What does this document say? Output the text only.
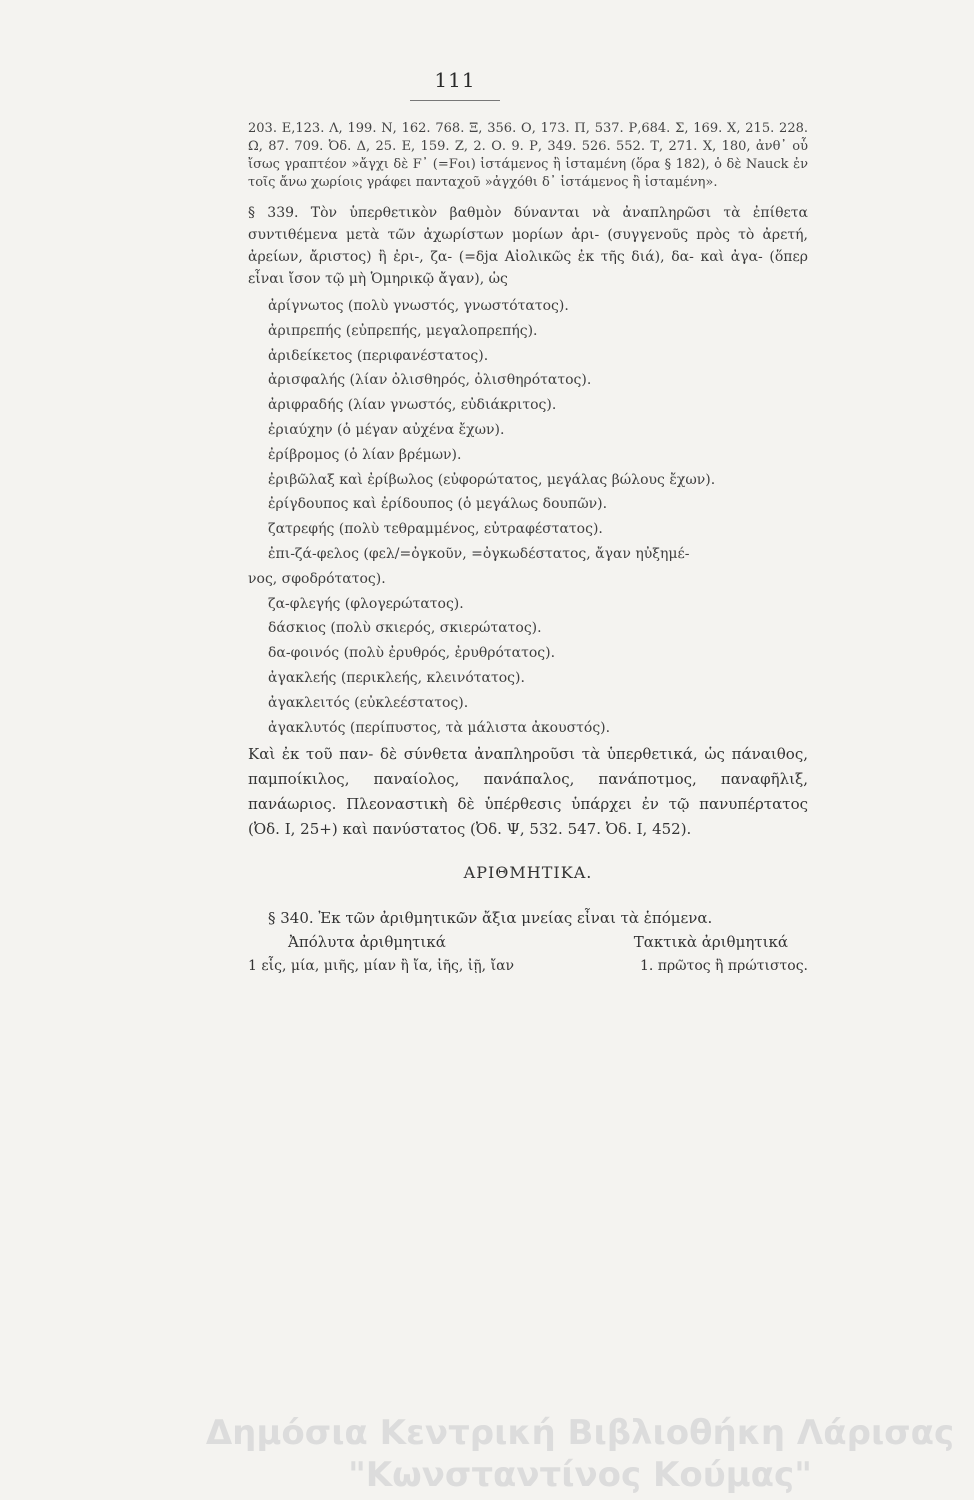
111

203. Ε,123. Λ, 199. Ν, 162. 768. Ξ, 356. Ο, 173. Π, 537. Ρ,684. Σ, 169. Χ, 215. 228. Ω, 87. 709. Ὀδ. Δ, 25. Ε, 159. Ζ, 2. Ο. 9. Ρ, 349. 526. 552. Τ, 271. Χ, 180, ἀνθ᾽ οὗ ἴσως γραπτέον »ἄγχι δὲ F᾽ (=Fοι) ἱστάμενος ἢ ἱσταμένη (ὅρα § 182), ὁ δὲ Nauck ἐν τοῖς ἄνω χωρίοις γράφει πανταχοῦ »ἀγχόθι δ᾽ ἱστάμενος ἢ ἱσταμένη».

§ 339. Τὸν ὑπερθετικὸν βαθμὸν δύνανται νὰ ἀναπληρῶσι τὰ ἐπίθετα συντιθέμενα μετὰ τῶν ἀχωρίστων μορίων ἀρι- (συγγενοῦς πρὸς τὸ ἀρετή, ἀρείων, ἄριστος) ἢ ἐρι-, ζα- (=δjα Αἰολικῶς ἐκ τῆς διά), δα- καὶ ἀγα- (ὅπερ εἶναι ἴσον τῷ μὴ Ὁμηρικῷ ἄγαν), ὡς

ἀρίγνωτος (πολὺ γνωστός, γνωστότατος).

ἀριπρεπής (εὐπρεπής, μεγαλοπρεπής).

ἀριδείκετος (περιφανέστατος).

ἀρισφαλής (λίαν ὀλισθηρός, ὀλισθηρότατος).

ἀριφραδής (λίαν γνωστός, εὐδιάκριτος).

ἐριαύχην (ὁ μέγαν αὐχένα ἔχων).

ἐρίβρομος (ὁ λίαν βρέμων).

ἐριβῶλαξ καὶ ἐρίβωλος (εὐφορώτατος, μεγάλας βώλους ἔχων).

ἐρίγδουπος καὶ ἐρίδουπος (ὁ μεγάλως δουπῶν).

ζατρεφής (πολὺ τεθραμμένος, εὐτραφέστατος).

ἐπι-ζά-φελος (φελ/=ὀγκοῦν, =ὀγκωδέστατος, ἄγαν ηὐξημέ-

νος, σφοδρότατος).

ζα-φλεγής (φλογερώτατος).

δάσκιος (πολὺ σκιερός, σκιερώτατος).

δα-φοινός (πολὺ ἐρυθρός, ἐρυθρότατος).

ἀγακλεής (περικλεής, κλεινότατος).

ἀγακλειτός (εὐκλεέστατος).

ἀγακλυτός (περίπυστος, τὰ μάλιστα ἀκουστός).

Καὶ ἐκ τοῦ παν- δὲ σύνθετα ἀναπληροῦσι τὰ ὑπερθετικά, ὡς πάναιθος, παμποίκιλος, παναίολος, πανάπαλος, πανάποτμος, παναφῆλιξ, πανάωριος. Πλεοναστικὴ δὲ ὑπέρθεσις ὑπάρχει ἐν τῷ πανυπέρτατος (Ὀδ. Ι, 25+) καὶ πανύστατος (Ὀδ. Ψ, 532. 547. Ὀδ. Ι, 452).

ΑΡΙΘΜΗΤΙΚΑ.

§ 340. Ἐκ τῶν ἀριθμητικῶν ἄξια μνείας εἶναι τὰ ἑπόμενα.

Ἀπόλυτα ἀριθμητικά	Τακτικὰ ἀριθμητικά
1 εἷς, μία, μιῆς, μίαν ἢ ἴα, ἰῆς, ἰῇ, ἴαν	1. πρῶτος ἢ πρώτιστος.
Δημόσια Κεντρική Βιβλιοθήκη Λάρισας
"Κωνσταντίνος Κούμας"
